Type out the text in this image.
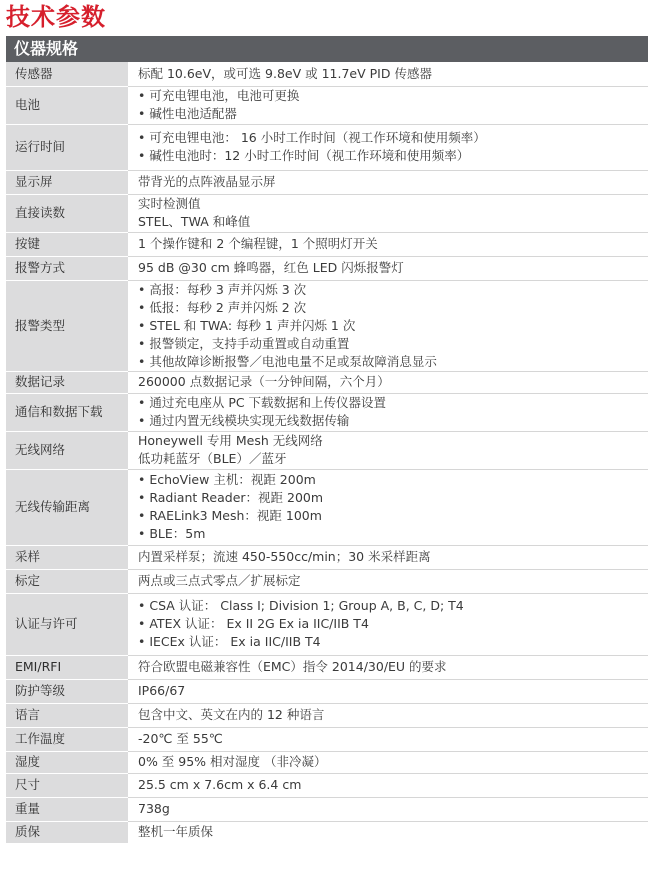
技术参数
仪器规格
传感器	标配 10.6eV，或可选 9.8eV 或 11.7eV PID 传感器

电池	• 可充电锂电池，电池可更换
• 碱性电池适配器

运行时间	• 可充电锂电池： 16 小时工作时间（视工作环境和使用频率）
• 碱性电池时：12 小时工作时间（视工作环境和使用频率）

显示屏	带背光的点阵液晶显示屏

直接读数	实时检测值
STEL、TWA 和峰值

按键	1 个操作键和 2 个编程键，1 个照明灯开关

报警方式	95 dB @30 cm 蜂鸣器，红色 LED 闪烁报警灯

报警类型	• 高报：每秒 3 声并闪烁 3 次
• 低报：每秒 2 声并闪烁 2 次
• STEL 和 TWA: 每秒 1 声并闪烁 1 次
• 报警锁定，支持手动重置或自动重置
• 其他故障诊断报警／电池电量不足或泵故障消息显示

数据记录	260000 点数据记录（一分钟间隔，六个月）

通信和数据下载	• 通过充电座从 PC 下载数据和上传仪器设置
• 通过内置无线模块实现无线数据传输

无线网络	Honeywell 专用 Mesh 无线网络
低功耗蓝牙（BLE）／蓝牙

无线传输距离	• EchoView 主机：视距 200m
• Radiant Reader：视距 200m
• RAELink3 Mesh：视距 100m
• BLE：5m

采样	内置采样泵；流速 450-550cc/min；30 米采样距离

标定	两点或三点式零点／扩展标定

认证与许可	• CSA 认证： Class I; Division 1; Group A, B, C, D; T4
• ATEX 认证： Ex II 2G Ex ia IIC/IIB T4
• IECEx 认证： Ex ia IIC/IIB T4

EMI/RFI	符合欧盟电磁兼容性（EMC）指令 2014/30/EU 的要求

防护等级	IP66/67

语言	包含中文、英文在内的 12 种语言

工作温度	-20℃ 至 55℃

湿度	0% 至 95% 相对湿度 （非冷凝）

尺寸	25.5 cm x 7.6cm x 6.4 cm

重量	738g

质保	整机一年质保
